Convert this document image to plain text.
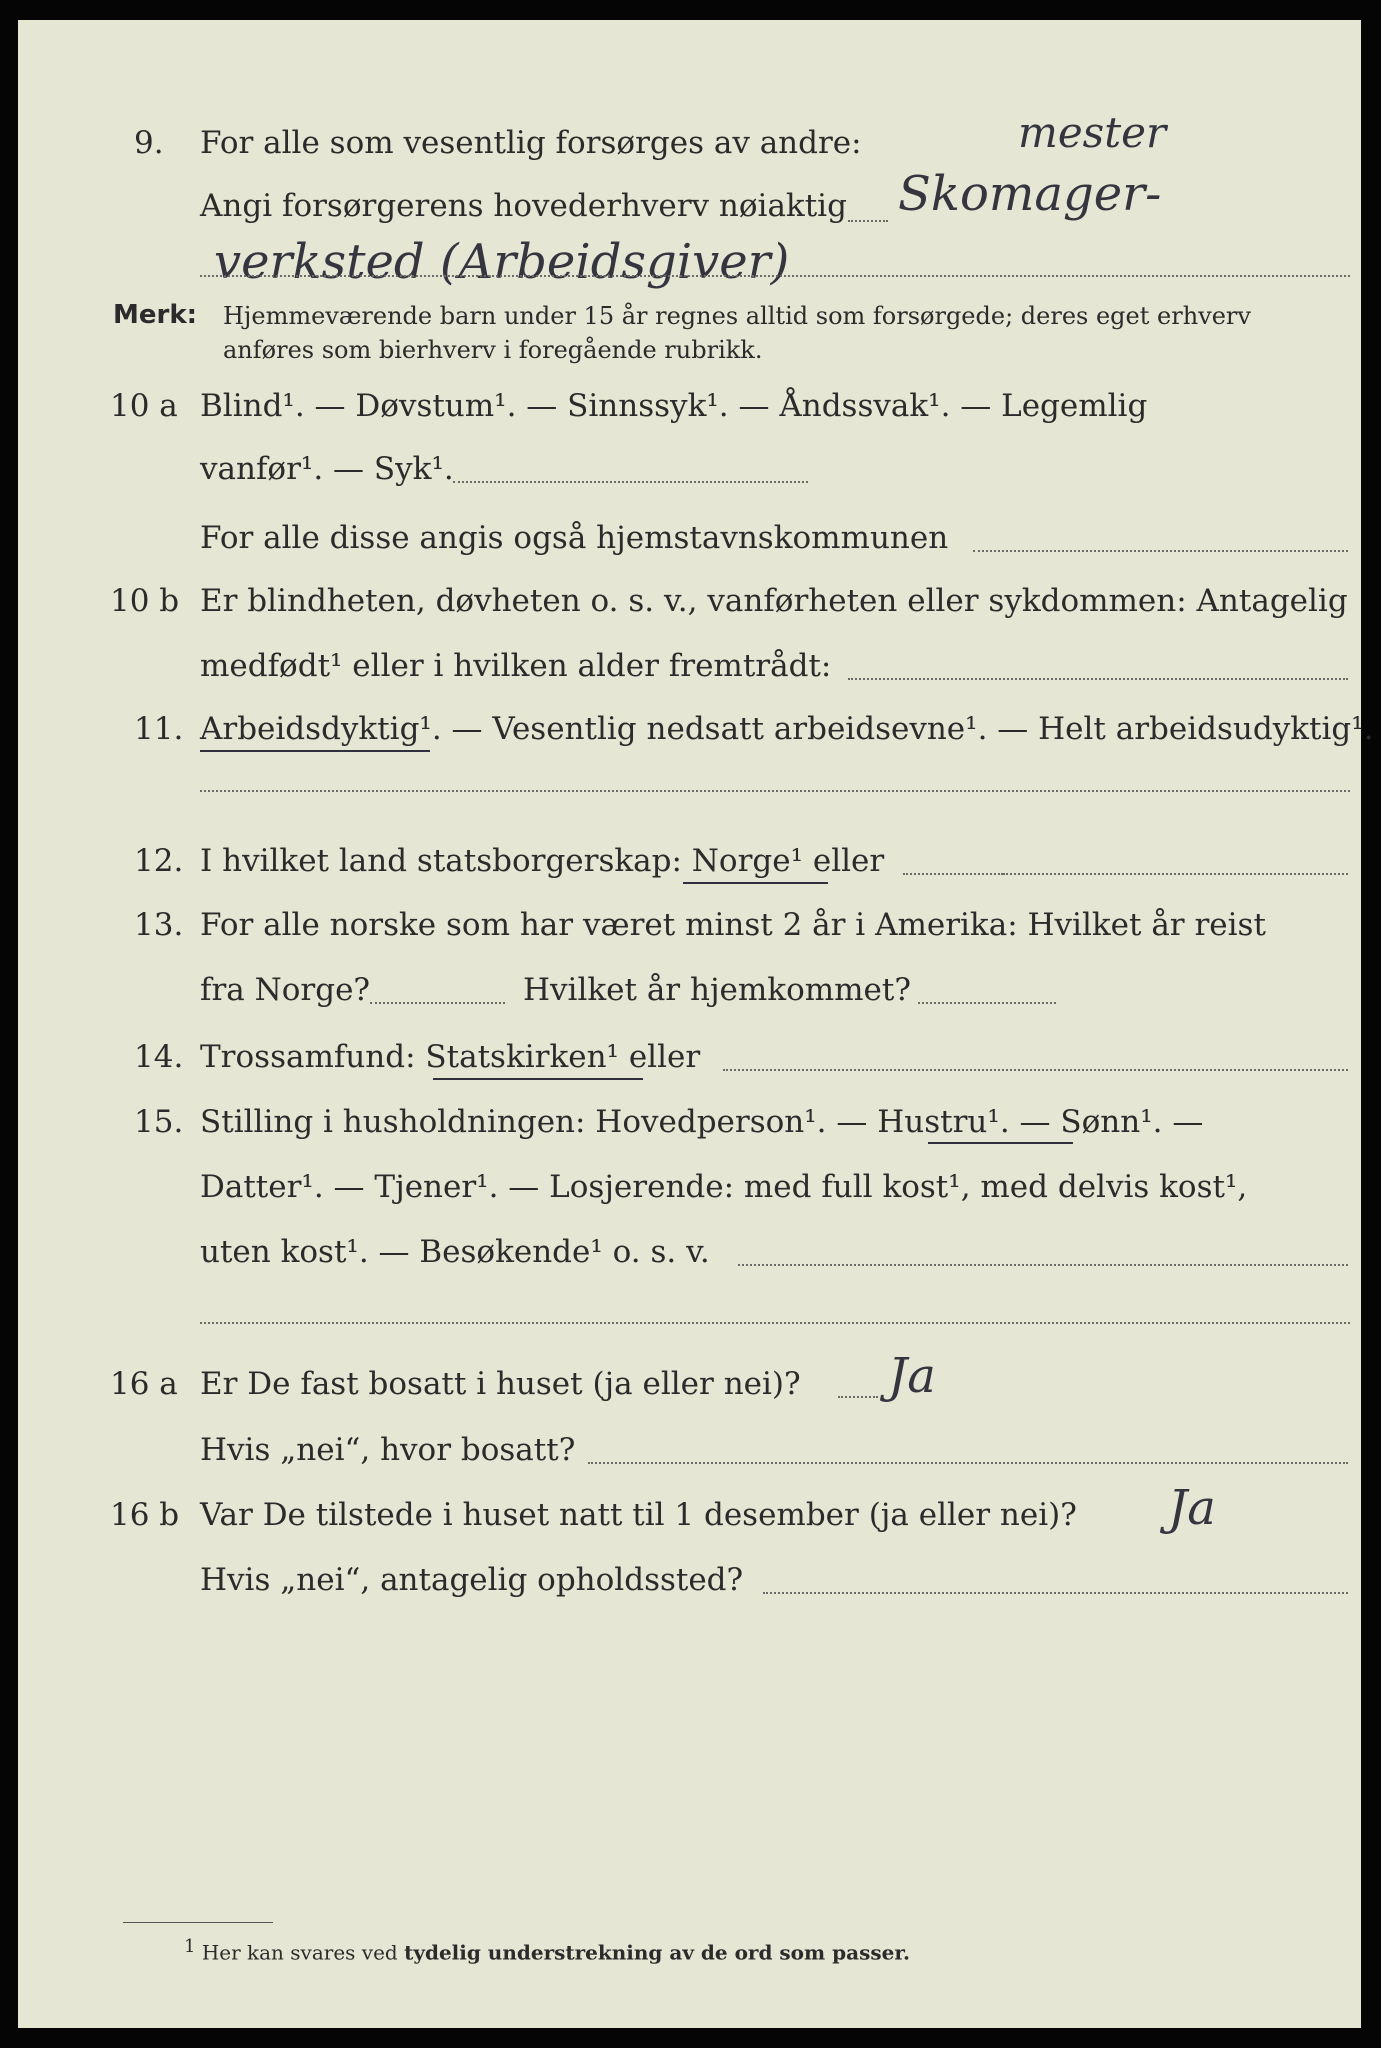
9. For alle som vesentlig forsørges av andre:	mester
Angi forsørgerens hovederhverv nøiaktig Skomager-
verksted (Arbeidsgiver)
Merk: Hjemmeværende barn under 15 år regnes alltid som forsørgede; deres eget erhverv
anføres som bierhverv i foregående rubrikk.
10 a Blind¹. — Døvstum¹. — Sinnssyk¹. — Åndssvak¹. — Legemlig
vanfør¹. — Syk¹.
For alle disse angis også hjemstavnskommunen
10 b Er blindheten, døvheten o. s. v., vanførheten eller sykdommen: Antagelig
medfødt¹ eller i hvilken alder fremtrådt:
11. Arbeidsdyktig¹. — Vesentlig nedsatt arbeidsevne¹. — Helt arbeidsudyktig¹.
12. I hvilket land statsborgerskap: Norge¹ eller
13. For alle norske som har været minst 2 år i Amerika: Hvilket år reist
fra Norge?	Hvilket år hjemkommet?
14. Trossamfund: Statskirken¹ eller
15. Stilling i husholdningen: Hovedperson¹. — Hustru¹. — Sønn¹. —
Datter¹. — Tjener¹. — Losjerende: med full kost¹, med delvis kost¹,
uten kost¹. — Besøkende¹ o. s. v.
16 a Er De fast bosatt i huset (ja eller nei)? Ja
Hvis „nei“, hvor bosatt?
16 b Var De tilstede i huset natt til 1 desember (ja eller nei)? Ja
Hvis „nei“, antagelig opholdssted?
1 Her kan svares ved tydelig understrekning av de ord som passer.
